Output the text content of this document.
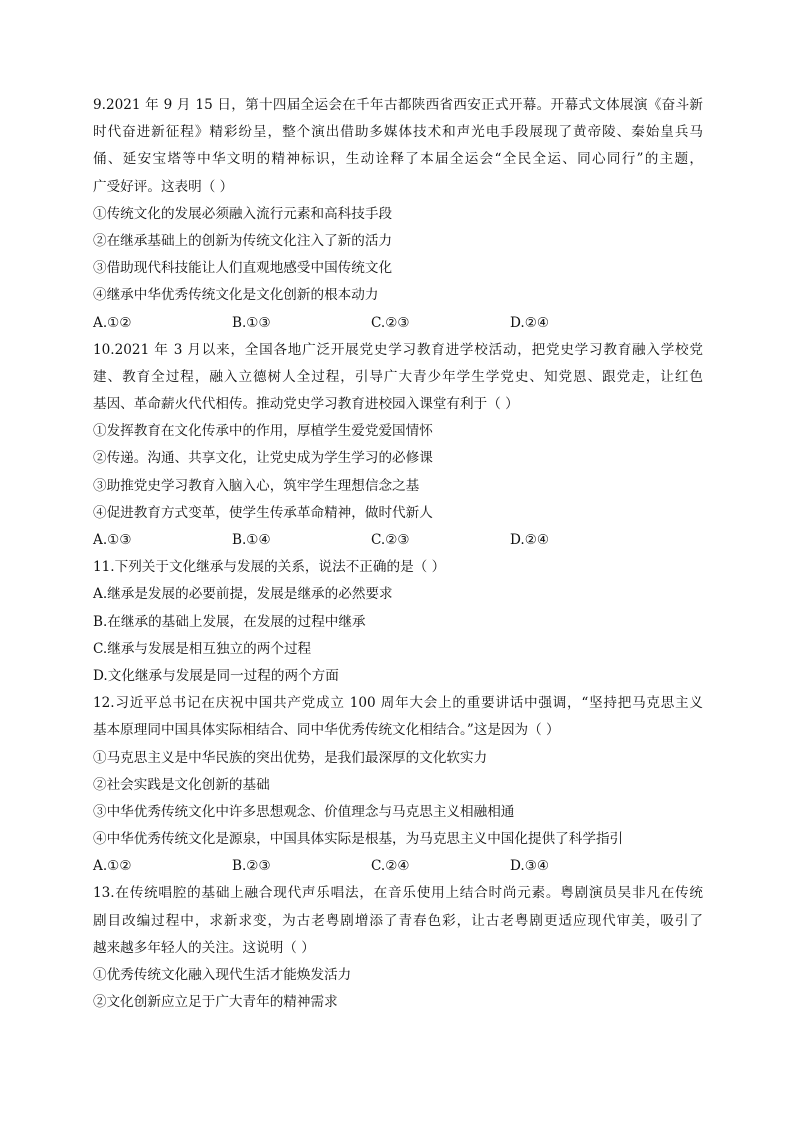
9.2021 年 9 月 15 日，第十四届全运会在千年古都陕西省西安正式开幕。开幕式文体展演《奋斗新
时代奋进新征程》精彩纷呈，整个演出借助多媒体技术和声光电手段展现了黄帝陵、秦始皇兵马
俑、延安宝塔等中华文明的精神标识，生动诠释了本届全运会“全民全运、同心同行”的主题，
广受好评。这表明（ ）
①传统文化的发展必须融入流行元素和高科技手段
②在继承基础上的创新为传统文化注入了新的活力
③借助现代科技能让人们直观地感受中国传统文化
④继承中华优秀传统文化是文化创新的根本动力
A.①②	B.①③	C.②③	D.②④
10.2021 年 3 月以来，全国各地广泛开展党史学习教育进学校活动，把党史学习教育融入学校党
建、教育全过程，融入立德树人全过程，引导广大青少年学生学党史、知党恩、跟党走，让红色
基因、革命薪火代代相传。推动党史学习教育进校园入课堂有利于（ ）
①发挥教育在文化传承中的作用，厚植学生爱党爱国情怀
②传递。沟通、共享文化，让党史成为学生学习的必修课
③助推党史学习教育入脑入心，筑牢学生理想信念之基
④促进教育方式变革，使学生传承革命精神，做时代新人
A.①③	B.①④	C.②③	D.②④
11.下列关于文化继承与发展的关系，说法不正确的是（ ）
A.继承是发展的必要前提，发展是继承的必然要求
B.在继承的基础上发展，在发展的过程中继承
C.继承与发展是相互独立的两个过程
D.文化继承与发展是同一过程的两个方面
12.习近平总书记在庆祝中国共产党成立 100 周年大会上的重要讲话中强调，“坚持把马克思主义
基本原理同中国具体实际相结合、同中华优秀传统文化相结合。”这是因为（ ）
①马克思主义是中华民族的突出优势，是我们最深厚的文化软实力
②社会实践是文化创新的基础
③中华优秀传统文化中许多思想观念、价值理念与马克思主义相融相通
④中华优秀传统文化是源泉，中国具体实际是根基，为马克思主义中国化提供了科学指引
A.①②	B.②③	C.②④	D.③④
13.在传统唱腔的基础上融合现代声乐唱法，在音乐使用上结合时尚元素。粤剧演员吴非凡在传统
剧目改编过程中，求新求变，为古老粤剧增添了青春色彩，让古老粤剧更适应现代审美，吸引了
越来越多年轻人的关注。这说明（ ）
①优秀传统文化融入现代生活才能焕发活力
②文化创新应立足于广大青年的精神需求
